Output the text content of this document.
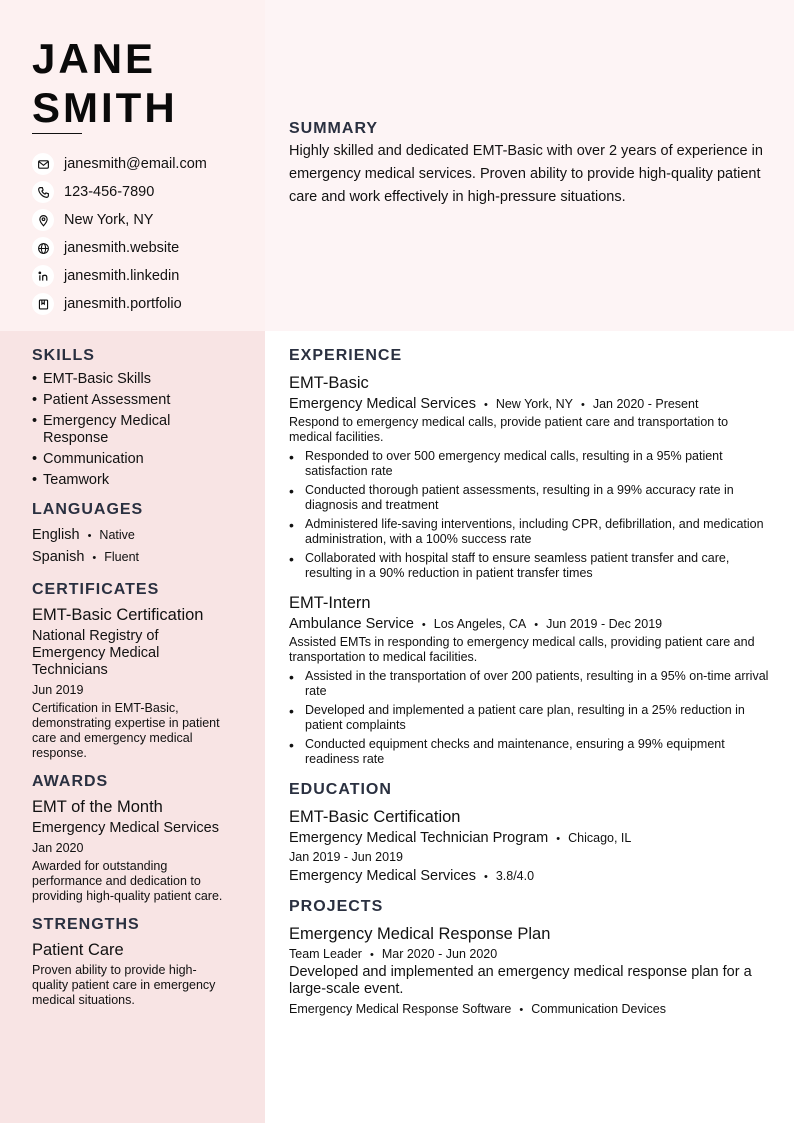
JANE
SMITH
janesmith@email.com
123-456-7890
New York, NY
janesmith.website
janesmith.linkedin
janesmith.portfolio
SUMMARY
Highly skilled and dedicated EMT-Basic with over 2 years of experience in emergency medical services. Proven ability to provide high-quality patient care and work effectively in high-pressure situations.
SKILLS
• EMT-Basic Skills
• Patient Assessment
• Emergency Medical Response
• Communication
• Teamwork
LANGUAGES
English • Native
Spanish • Fluent
CERTIFICATES
EMT-Basic Certification
National Registry of Emergency Medical Technicians
Jun 2019
Certification in EMT-Basic, demonstrating expertise in patient care and emergency medical response.
AWARDS
EMT of the Month
Emergency Medical Services
Jan 2020
Awarded for outstanding performance and dedication to providing high-quality patient care.
STRENGTHS
Patient Care
Proven ability to provide high-quality patient care in emergency medical situations.
EXPERIENCE
EMT-Basic
Emergency Medical Services • New York, NY • Jan 2020 - Present
Respond to emergency medical calls, provide patient care and transportation to medical facilities.
• Responded to over 500 emergency medical calls, resulting in a 95% patient satisfaction rate
• Conducted thorough patient assessments, resulting in a 99% accuracy rate in diagnosis and treatment
• Administered life-saving interventions, including CPR, defibrillation, and medication administration, with a 100% success rate
• Collaborated with hospital staff to ensure seamless patient transfer and care, resulting in a 90% reduction in patient transfer times
EMT-Intern
Ambulance Service • Los Angeles, CA • Jun 2019 - Dec 2019
Assisted EMTs in responding to emergency medical calls, providing patient care and transportation to medical facilities.
• Assisted in the transportation of over 200 patients, resulting in a 95% on-time arrival rate
• Developed and implemented a patient care plan, resulting in a 25% reduction in patient complaints
• Conducted equipment checks and maintenance, ensuring a 99% equipment readiness rate
EDUCATION
EMT-Basic Certification
Emergency Medical Technician Program • Chicago, IL
Jan 2019 - Jun 2019
Emergency Medical Services • 3.8/4.0
PROJECTS
Emergency Medical Response Plan
Team Leader • Mar 2020 - Jun 2020
Developed and implemented an emergency medical response plan for a large-scale event.
Emergency Medical Response Software • Communication Devices
